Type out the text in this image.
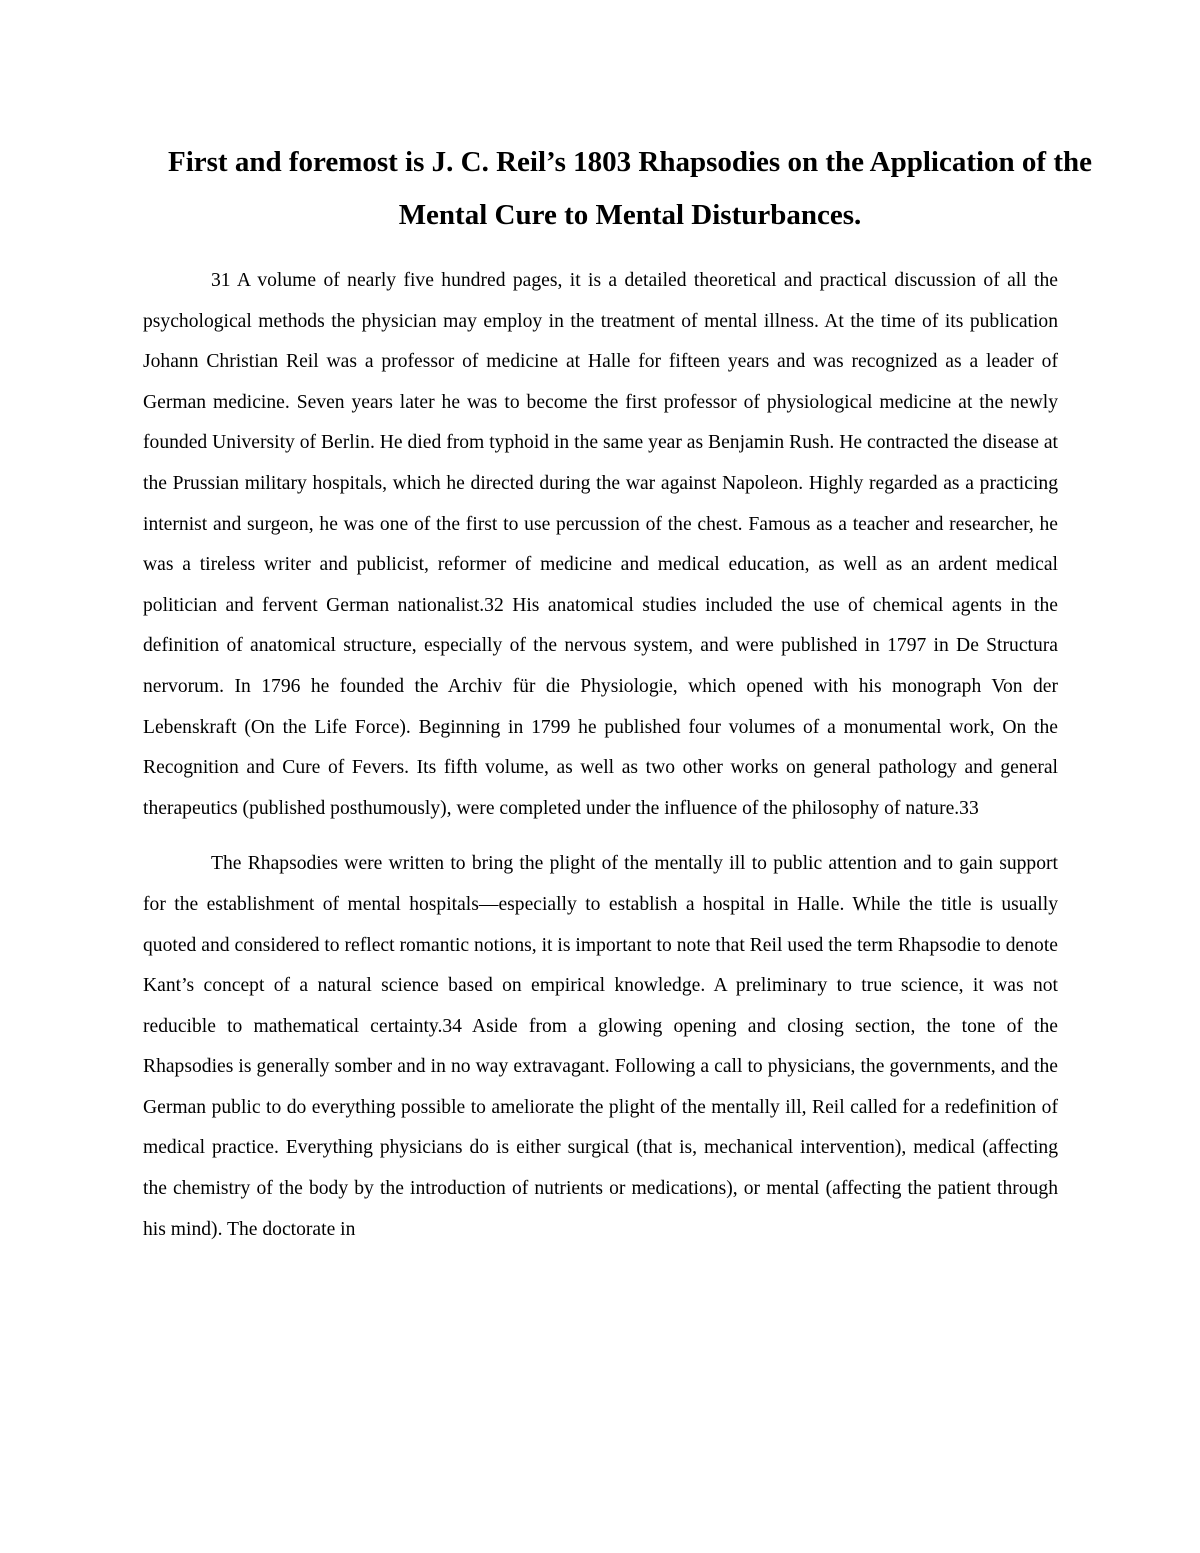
First and foremost is J. C. Reil’s 1803 Rhapsodies on the Application of the Mental Cure to Mental Disturbances.

31 A volume of nearly five hundred pages, it is a detailed theoretical and practical discussion of all the psychological methods the physician may employ in the treatment of mental illness. At the time of its publication Johann Christian Reil was a professor of medicine at Halle for fifteen years and was recognized as a leader of German medicine. Seven years later he was to become the first professor of physiological medicine at the newly founded University of Berlin. He died from typhoid in the same year as Benjamin Rush. He contracted the disease at the Prussian military hospitals, which he directed during the war against Napoleon. Highly regarded as a practicing internist and surgeon, he was one of the first to use percussion of the chest. Famous as a teacher and researcher, he was a tireless writer and publicist, reformer of medicine and medical education, as well as an ardent medical politician and fervent German nationalist.32 His anatomical studies included the use of chemical agents in the definition of anatomical structure, especially of the nervous system, and were published in 1797 in De Structura nervorum. In 1796 he founded the Archiv für die Physiologie, which opened with his monograph Von der Lebenskraft (On the Life Force). Beginning in 1799 he published four volumes of a monumental work, On the Recognition and Cure of Fevers. Its fifth volume, as well as two other works on general pathology and general therapeutics (published posthumously), were completed under the influence of the philosophy of nature.33

The Rhapsodies were written to bring the plight of the mentally ill to public attention and to gain support for the establishment of mental hospitals—especially to establish a hospital in Halle. While the title is usually quoted and considered to reflect romantic notions, it is important to note that Reil used the term Rhapsodie to denote Kant’s concept of a natural science based on empirical knowledge. A preliminary to true science, it was not reducible to mathematical certainty.34 Aside from a glowing opening and closing section, the tone of the Rhapsodies is generally somber and in no way extravagant. Following a call to physicians, the governments, and the German public to do everything possible to ameliorate the plight of the mentally ill, Reil called for a redefinition of medical practice. Everything physicians do is either surgical (that is, mechanical intervention), medical (affecting the chemistry of the body by the introduction of nutrients or medications), or mental (affecting the patient through his mind). The doctorate in
